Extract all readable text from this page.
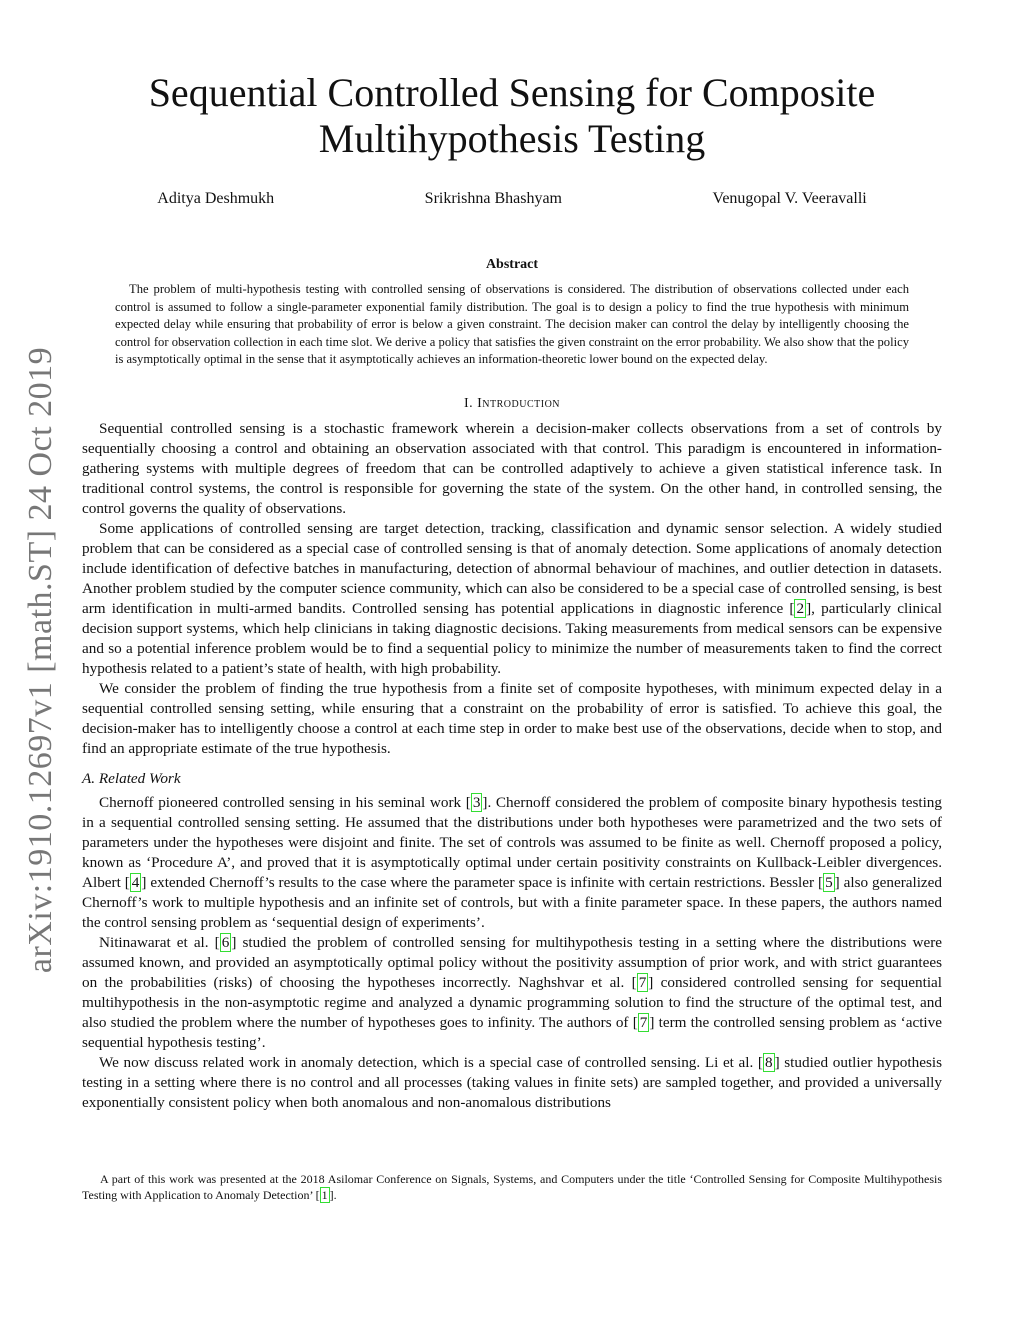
arXiv:1910.12697v1 [math.ST] 24 Oct 2019
Sequential Controlled Sensing for Composite Multihypothesis Testing
Aditya Deshmukh	Srikrishna Bhashyam	Venugopal V. Veeravalli
Abstract

The problem of multi-hypothesis testing with controlled sensing of observations is considered. The distribution of observations collected under each control is assumed to follow a single-parameter exponential family distribution. The goal is to design a policy to find the true hypothesis with minimum expected delay while ensuring that probability of error is below a given constraint. The decision maker can control the delay by intelligently choosing the control for observation collection in each time slot. We derive a policy that satisfies the given constraint on the error probability. We also show that the policy is asymptotically optimal in the sense that it asymptotically achieves an information-theoretic lower bound on the expected delay.

I. Introduction

Sequential controlled sensing is a stochastic framework wherein a decision-maker collects observations from a set of controls by sequentially choosing a control and obtaining an observation associated with that control. This paradigm is encountered in information-gathering systems with multiple degrees of freedom that can be controlled adaptively to achieve a given statistical inference task. In traditional control systems, the control is responsible for governing the state of the system. On the other hand, in controlled sensing, the control governs the quality of observations.

Some applications of controlled sensing are target detection, tracking, classification and dynamic sensor selection. A widely studied problem that can be considered as a special case of controlled sensing is that of anomaly detection. Some applications of anomaly detection include identification of defective batches in manufacturing, detection of abnormal behaviour of machines, and outlier detection in datasets. Another problem studied by the computer science community, which can also be considered to be a special case of controlled sensing, is best arm identification in multi-armed bandits. Controlled sensing has potential applications in diagnostic inference [ 2 ], particularly clinical decision support systems, which help clinicians in taking diagnostic decisions. Taking measurements from medical sensors can be expensive and so a potential inference problem would be to find a sequential policy to minimize the number of measurements taken to find the correct hypothesis related to a patient’s state of health, with high probability.

We consider the problem of finding the true hypothesis from a finite set of composite hypotheses, with minimum expected delay in a sequential controlled sensing setting, while ensuring that a constraint on the probability of error is satisfied. To achieve this goal, the decision-maker has to intelligently choose a control at each time step in order to make best use of the observations, decide when to stop, and find an appropriate estimate of the true hypothesis.

A. Related Work

Chernoff pioneered controlled sensing in his seminal work [ 3 ]. Chernoff considered the problem of composite binary hypothesis testing in a sequential controlled sensing setting. He assumed that the distributions under both hypotheses were parametrized and the two sets of parameters under the hypotheses were disjoint and finite. The set of controls was assumed to be finite as well. Chernoff proposed a policy, known as ‘Procedure A’, and proved that it is asymptotically optimal under certain positivity constraints on Kullback-Leibler divergences. Albert [ 4 ] extended Chernoff’s results to the case where the parameter space is infinite with certain restrictions. Bessler [ 5 ] also generalized Chernoff’s work to multiple hypothesis and an infinite set of controls, but with a finite parameter space. In these papers, the authors named the control sensing problem as ‘sequential design of experiments’.

Nitinawarat et al. [ 6 ] studied the problem of controlled sensing for multihypothesis testing in a setting where the distributions were assumed known, and provided an asymptotically optimal policy without the positivity assumption of prior work, and with strict guarantees on the probabilities (risks) of choosing the hypotheses incorrectly. Naghshvar et al. [ 7 ] considered controlled sensing for sequential multihypothesis in the non-asymptotic regime and analyzed a dynamic programming solution to find the structure of the optimal test, and also studied the problem where the number of hypotheses goes to infinity. The authors of [ 7 ] term the controlled sensing problem as ‘active sequential hypothesis testing’.

We now discuss related work in anomaly detection, which is a special case of controlled sensing. Li et al. [ 8 ] studied outlier hypothesis testing in a setting where there is no control and all processes (taking values in finite sets) are sampled together, and provided a universally exponentially consistent policy when both anomalous and non-anomalous distributions

A part of this work was presented at the 2018 Asilomar Conference on Signals, Systems, and Computers under the title ‘Controlled Sensing for Composite Multihypothesis Testing with Application to Anomaly Detection’ [ 1 ].
